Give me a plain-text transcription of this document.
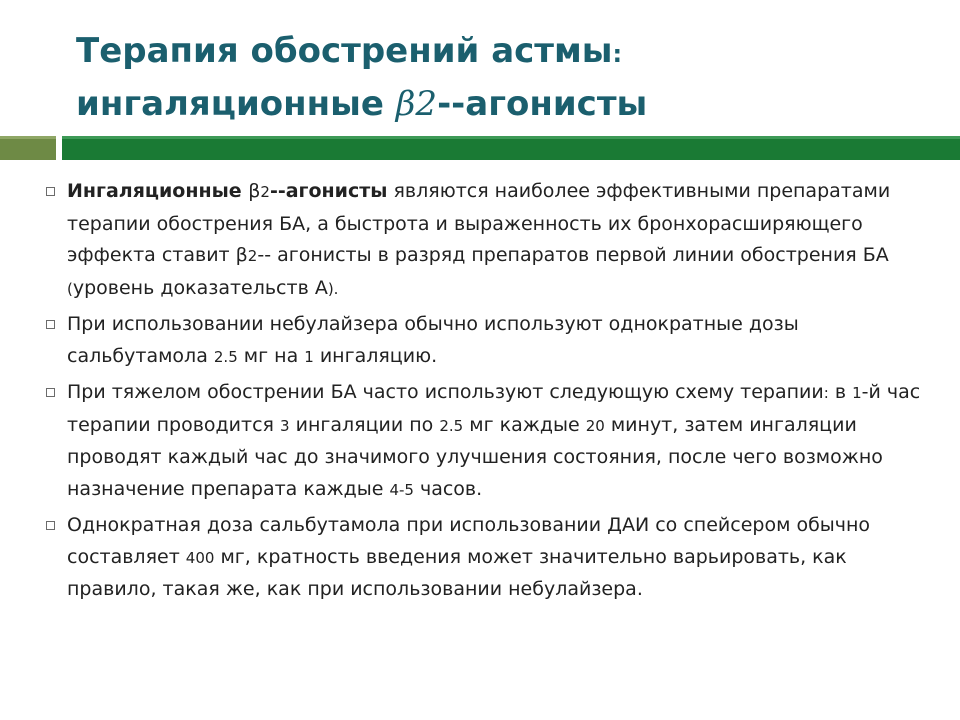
Терапия обострений астмы:
ингаляционные β2--агонисты
Ингаляционные β2--агонисты являются наиболее эффективными препаратами терапии обострения БА, а быстрота и выраженность их бронхорасширяющего эффекта ставит β2-- агонисты в разряд препаратов первой линии обострения БА (уровень доказательств А).
При использовании небулайзера обычно используют однократные дозы сальбутамола 2.5 мг на 1 ингаляцию.
При тяжелом обострении БА часто используют следующую схему терапии: в 1-й час терапии проводится 3 ингаляции по 2.5 мг каждые 20 минут, затем ингаляции проводят каждый час до значимого улучшения состояния, после чего возможно назначение препарата каждые 4-5 часов.
Однократная доза сальбутамола при использовании ДАИ со спейсером обычно составляет 400 мг, кратность введения может значительно варьировать, как правило, такая же, как при использовании небулайзера.
